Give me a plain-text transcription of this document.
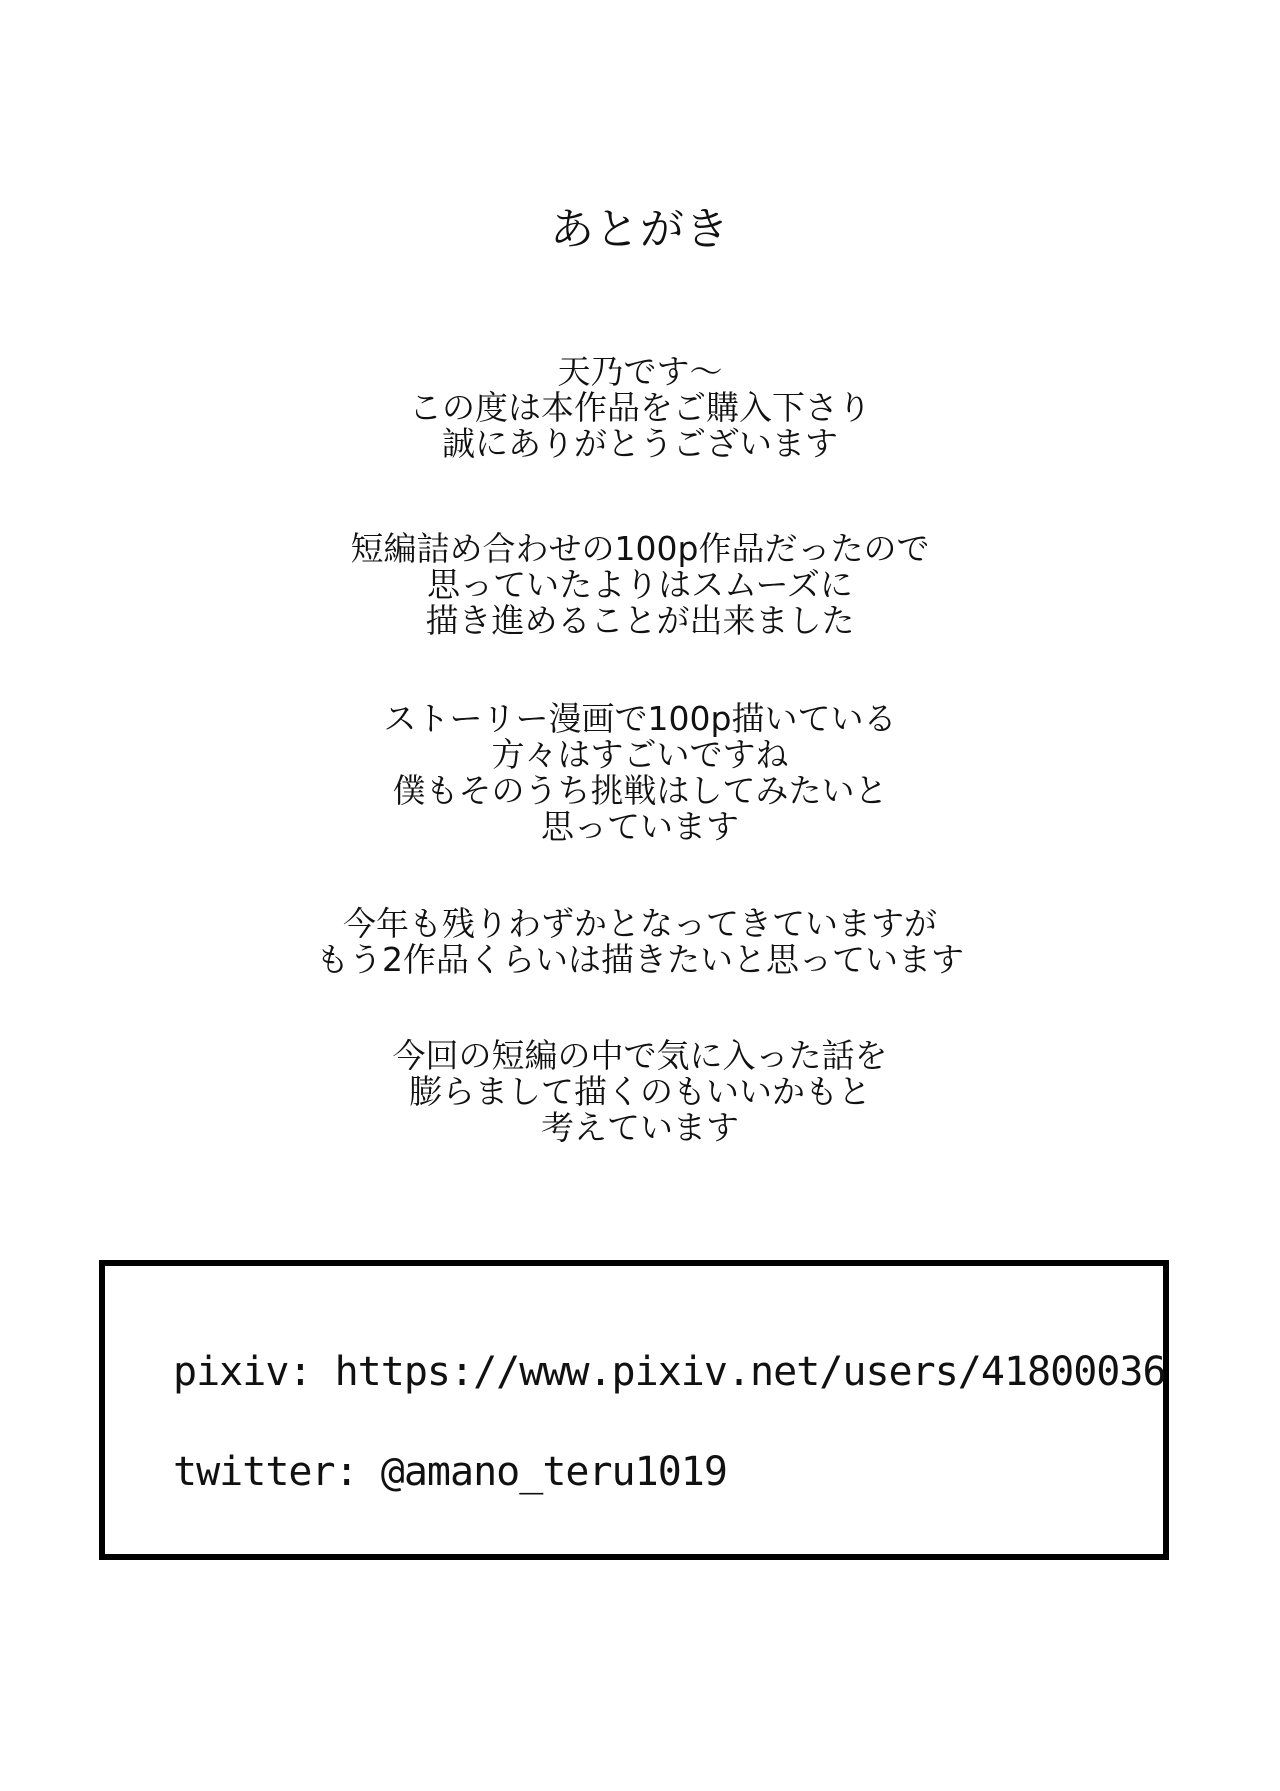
あとがき
天乃です～
この度は本作品をご購入下さり
誠にありがとうございます
短編詰め合わせの100p作品だったので
思っていたよりはスムーズに
描き進めることが出来ました
ストーリー漫画で100p描いている
方々はすごいですね
僕もそのうち挑戦はしてみたいと
思っています
今年も残りわずかとなってきていますが
もう2作品くらいは描きたいと思っています
今回の短編の中で気に入った話を
膨らまして描くのもいいかもと
考えています
pixiv: https://www.pixiv.net/users/41800036
twitter: @amano_teru1019
